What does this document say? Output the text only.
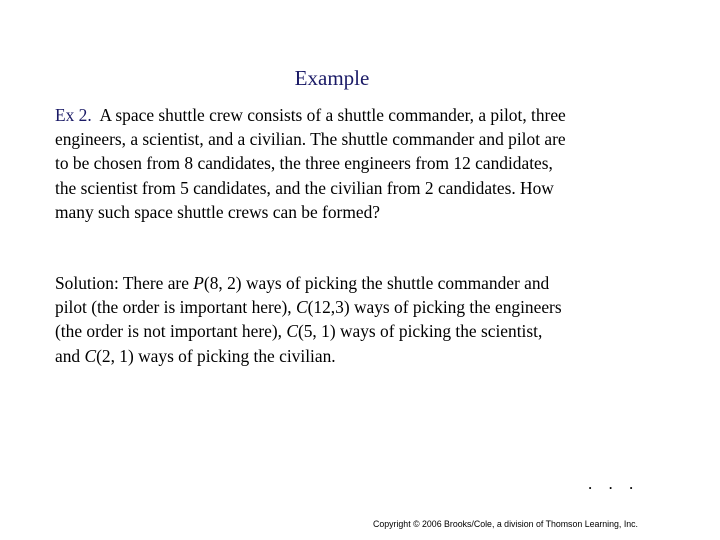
Example

Ex 2. A space shuttle crew consists of a shuttle commander, a pilot, three
engineers, a scientist, and a civilian. The shuttle commander and pilot are
to be chosen from 8 candidates, the three engineers from 12 candidates,
the scientist from 5 candidates, and the civilian from 2 candidates. How
many such space shuttle crews can be formed?

Solution: There are P(8, 2) ways of picking the shuttle commander and
pilot (the order is important here), C(12,3) ways of picking the engineers
(the order is not important here), C(5, 1) ways of picking the scientist,
and C(2, 1) ways of picking the civilian.

. . .
Copyright © 2006 Brooks/Cole, a division of Thomson Learning, Inc.
